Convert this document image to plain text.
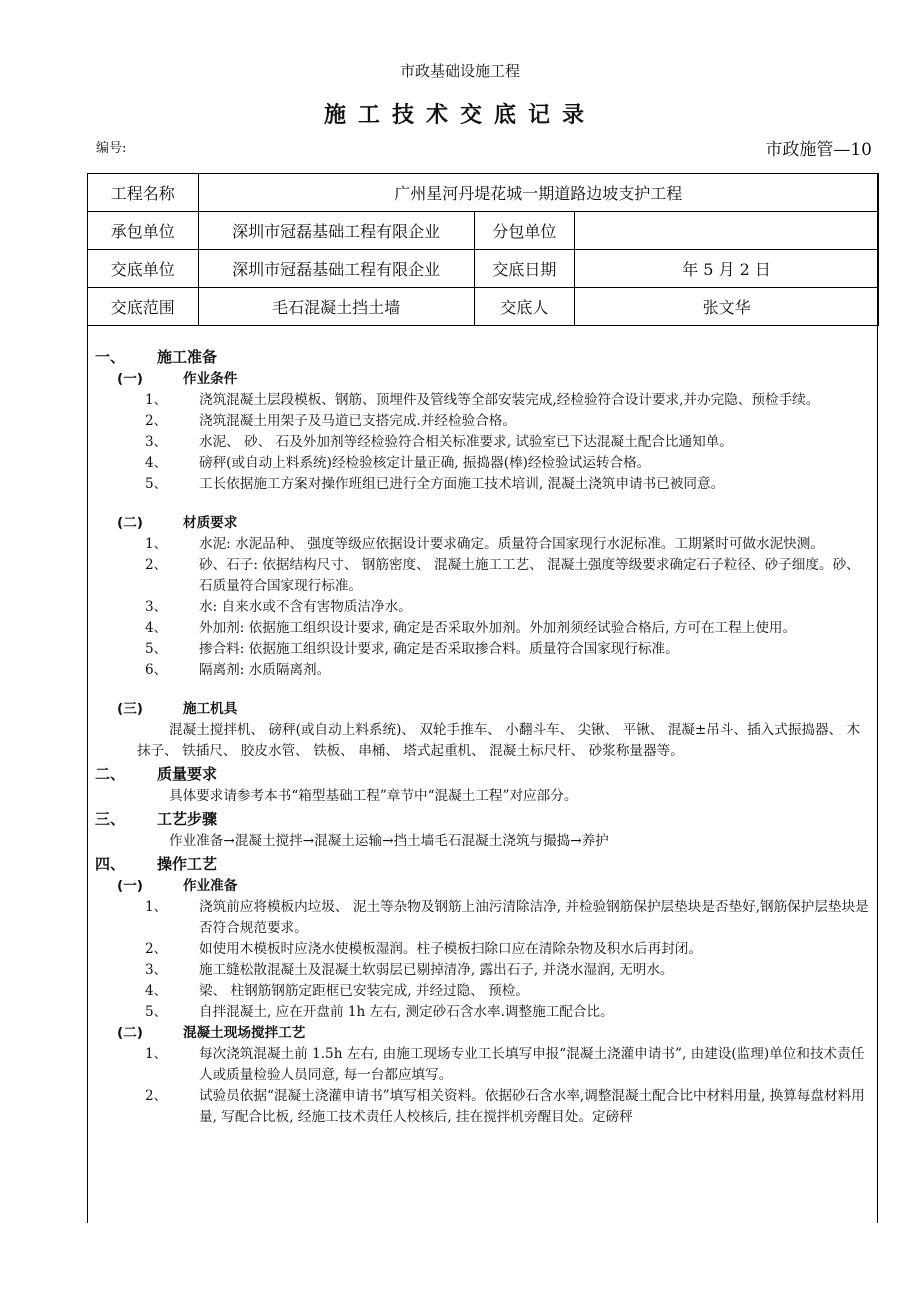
市政基础设施工程
施工技术交底记录
编号:	市政施管—10
工程名称	广州星河丹堤花城一期道路边坡支护工程		
承包单位	深圳市冠磊基础工程有限企业	分包单位	
交底单位	深圳市冠磊基础工程有限企业	交底日期	年 5 月 2 日
交底范围	毛石混凝土挡土墙	交底人	张文华
一、 施工准备
(一)	作业条件
1、 浇筑混凝土层段模板、钢筋、顶埋件及管线等全部安装完成,经检验符合设计要求,并办完隐、预检手续。
2、 浇筑混凝土用架子及马道已支搭完成.并经检验合格。
3、 水泥、 砂、 石及外加剂等经检验符合相关标准要求, 试验室已下达混凝土配合比通知单。
4、 磅秤(或自动上料系统)经检验核定计量正确, 振捣器(棒)经检验试运转合格。
5、 工长依据施工方案对操作班组已进行全方面施工技术培训, 混凝土浇筑申请书已被同意。
(二)	材质要求
1、 水泥: 水泥品种、 强度等级应依据设计要求确定。质量符合国家现行水泥标准。工期紧时可做水泥快测。
2、 砂、石子: 依据结构尺寸、 钢筋密度、 混凝土施工工艺、 混凝土强度等级要求确定石子粒径、砂子细度。砂、石质量符合国家现行标准。
3、 水: 自来水或不含有害物质洁净水。
4、 外加剂: 依据施工组织设计要求, 确定是否采取外加剂。外加剂须经试验合格后, 方可在工程上使用。
5、 掺合料: 依据施工组织设计要求, 确定是否采取掺合料。质量符合国家现行标准。
6、 隔离剂: 水质隔离剂。
(三)	施工机具
混凝土搅拌机、 磅秤(或自动上料系统)、 双轮手推车、 小翻斗车、 尖锹、 平锹、 混凝±吊斗、插入式振捣器、 木抹子、 铁插尺、 胶皮水管、 铁板、 串桶、 塔式起重机、 混凝土标尺杆、 砂浆称量器等。
二、 质量要求
具体要求请参考本书“箱型基础工程”章节中“混凝土工程”对应部分。
三、 工艺步骤
作业准备→混凝土搅拌→混凝土运输→挡土墙毛石混凝土浇筑与撮捣→养护
四、 操作工艺
(一)	作业准备
1、 浇筑前应将模板内垃圾、 泥土等杂物及钢筋上油污清除洁净, 并检验钢筋保护层垫块是否垫好,钢筋保护层垫块是否符合规范要求。
2、 如使用木模板时应浇水使模板湿润。柱子模板扫除口应在清除杂物及积水后再封闭。
3、 施工缝松散混凝土及混凝土软弱层已剔掉清净, 露出石子, 并浇水湿润, 无明水。
4、 梁、 柱钢筋钢筋定距框已安装完成, 并经过隐、 预检。
5、 自拌混凝土, 应在开盘前 1h 左右, 测定砂石含水率.调整施工配合比。
(二)	混凝土现场搅拌工艺
1、 每次浇筑混凝土前 1.5h 左右, 由施工现场专业工长填写申报“混凝土浇灌申请书”, 由建设(监理)单位和技术责任人或质量检验人员同意, 每一台都应填写。
2、 试验员依据“混凝土浇灌申请书”填写相关资料。依据砂石含水率,调整混凝土配合比中材料用量, 换算每盘材料用量, 写配合比板, 经施工技术责任人校核后, 挂在搅拌机旁醒目处。定磅秤
